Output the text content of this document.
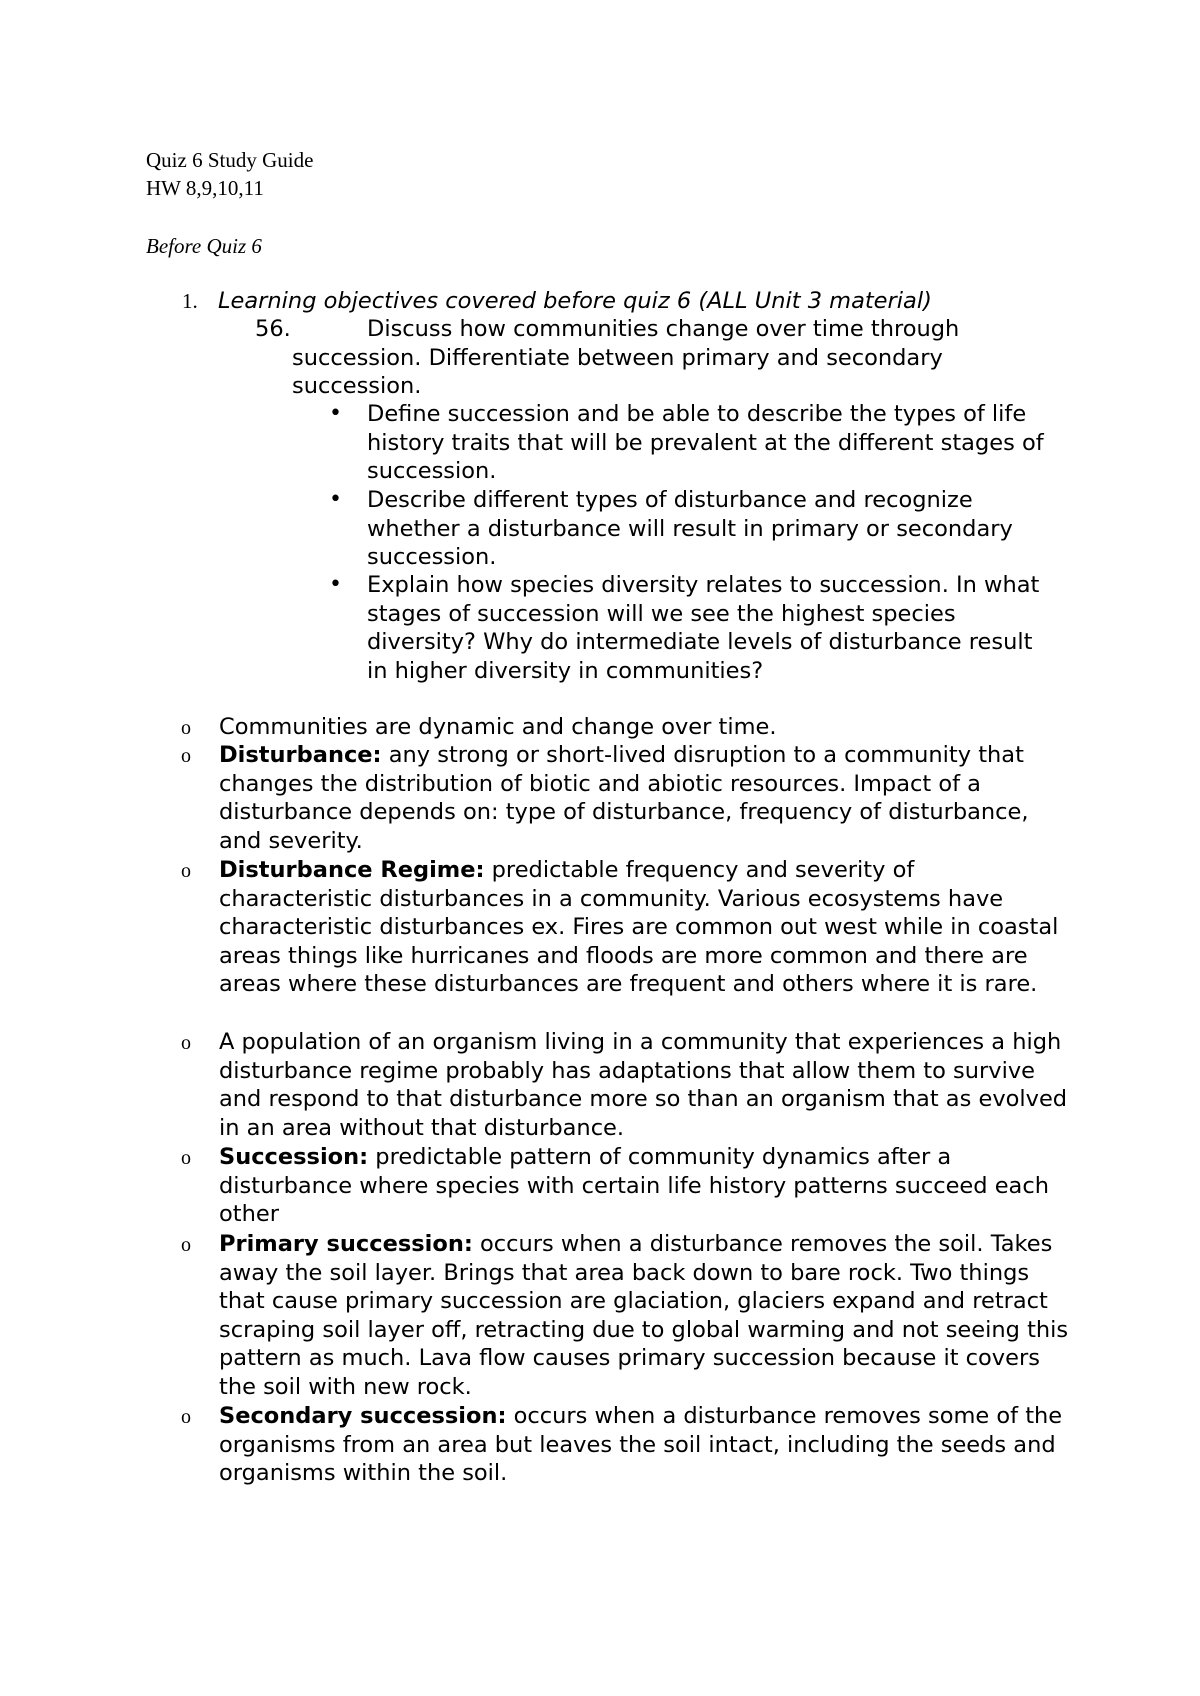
Quiz 6 Study Guide
HW 8,9,10,11
Before Quiz 6
1. Learning objectives covered before quiz 6 (ALL Unit 3 material)
56.	Discuss how communities change over time through succession. Differentiate between primary and secondary succession.
• Define succession and be able to describe the types of life history traits that will be prevalent at the different stages of succession.
• Describe different types of disturbance and recognize whether a disturbance will result in primary or secondary succession.
• Explain how species diversity relates to succession. In what stages of succession will we see the highest species diversity? Why do intermediate levels of disturbance result in higher diversity in communities?
o Communities are dynamic and change over time.
o Disturbance: any strong or short-lived disruption to a community that changes the distribution of biotic and abiotic resources. Impact of a disturbance depends on: type of disturbance, frequency of disturbance, and severity.
o Disturbance Regime: predictable frequency and severity of characteristic disturbances in a community. Various ecosystems have characteristic disturbances ex. Fires are common out west while in coastal areas things like hurricanes and floods are more common and there are areas where these disturbances are frequent and others where it is rare.
o A population of an organism living in a community that experiences a high disturbance regime probably has adaptations that allow them to survive and respond to that disturbance more so than an organism that as evolved in an area without that disturbance.
o Succession: predictable pattern of community dynamics after a disturbance where species with certain life history patterns succeed each other
o Primary succession: occurs when a disturbance removes the soil. Takes away the soil layer. Brings that area back down to bare rock. Two things that cause primary succession are glaciation, glaciers expand and retract scraping soil layer off, retracting due to global warming and not seeing this pattern as much. Lava flow causes primary succession because it covers the soil with new rock.
o Secondary succession: occurs when a disturbance removes some of the organisms from an area but leaves the soil intact, including the seeds and organisms within the soil.
